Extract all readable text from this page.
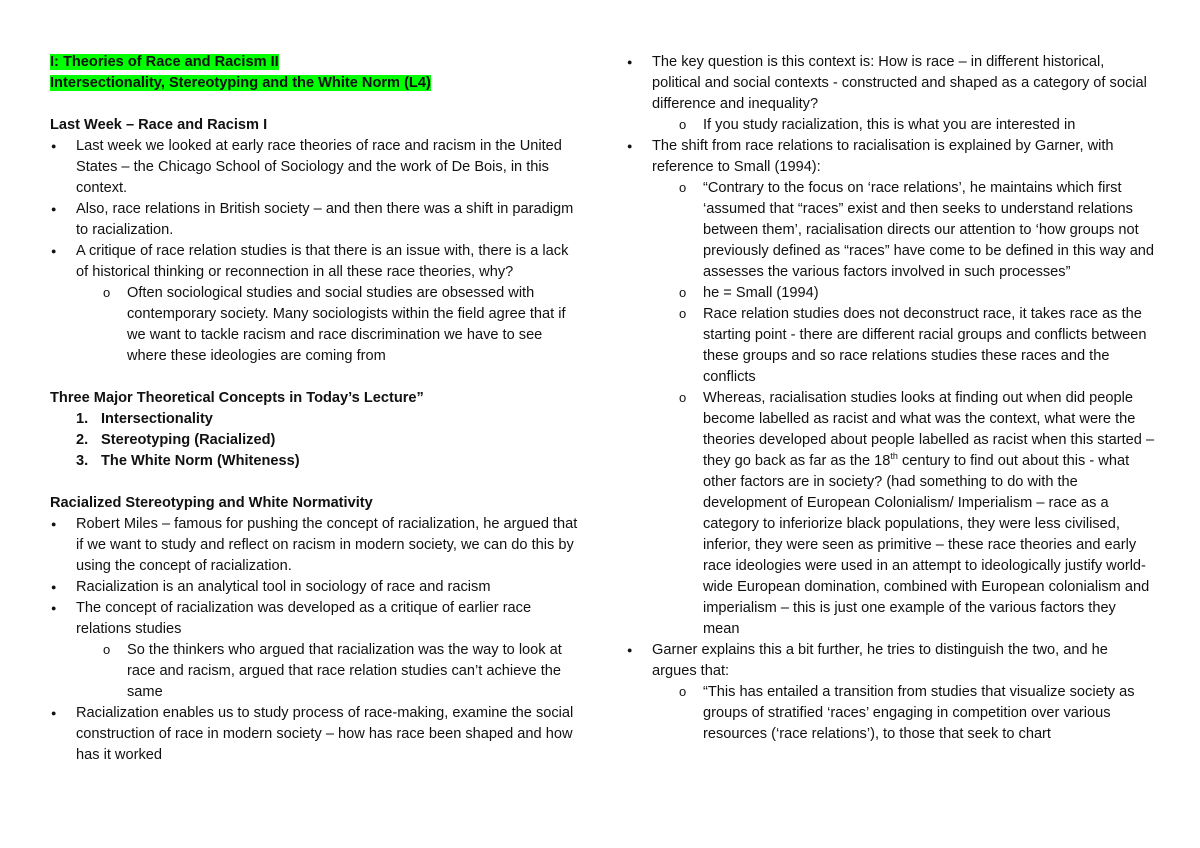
I: Theories of Race and Racism II
Intersectionality, Stereotyping and the White Norm (L4)
Last Week – Race and Racism I
● Last week we looked at early race theories of race and racism in the United States – the Chicago School of Sociology and the work of De Bois, in this context.
● Also, race relations in British society – and then there was a shift in paradigm to racialization.
● A critique of race relation studies is that there is an issue with, there is a lack of historical thinking or reconnection in all these race theories, why?
o Often sociological studies and social studies are obsessed with contemporary society. Many sociologists within the field agree that if we want to tackle racism and race discrimination we have to see where these ideologies are coming from
Three Major Theoretical Concepts in Today’s Lecture”
1. Intersectionality
2. Stereotyping (Racialized)
3. The White Norm (Whiteness)
Racialized Stereotyping and White Normativity
● Robert Miles – famous for pushing the concept of racialization, he argued that if we want to study and reflect on racism in modern society, we can do this by using the concept of racialization.
● Racialization is an analytical tool in sociology of race and racism
● The concept of racialization was developed as a critique of earlier race relations studies
o So the thinkers who argued that racialization was the way to look at race and racism, argued that race relation studies can’t achieve the same
● Racialization enables us to study process of race-making, examine the social construction of race in modern society – how has race been shaped and how has it worked
● The key question is this context is: How is race – in different historical, political and social contexts - constructed and shaped as a category of social difference and inequality?
o If you study racialization, this is what you are interested in
● The shift from race relations to racialisation is explained by Garner, with reference to Small (1994):
o “Contrary to the focus on ‘race relations’, he maintains which first ‘assumed that “races” exist and then seeks to understand relations between them’, racialisation directs our attention to ‘how groups not previously defined as “races” have come to be defined in this way and assesses the various factors involved in such processes”
o he = Small (1994)
o Race relation studies does not deconstruct race, it takes race as the starting point - there are different racial groups and conflicts between these groups and so race relations studies these races and the conflicts
o Whereas, racialisation studies looks at finding out when did people become labelled as racist and what was the context, what were the theories developed about people labelled as racist when this started – they go back as far as the 18th century to find out about this - what other factors are in society? (had something to do with the development of European Colonialism/ Imperialism – race as a category to inferiorize black populations, they were less civilised, inferior, they were seen as primitive – these race theories and early race ideologies were used in an attempt to ideologically justify world-wide European domination, combined with European colonialism and imperialism – this is just one example of the various factors they mean
● Garner explains this a bit further, he tries to distinguish the two, and he argues that:
o “This has entailed a transition from studies that visualize society as groups of stratified ‘races’ engaging in competition over various resources (‘race relations’), to those that seek to chart
